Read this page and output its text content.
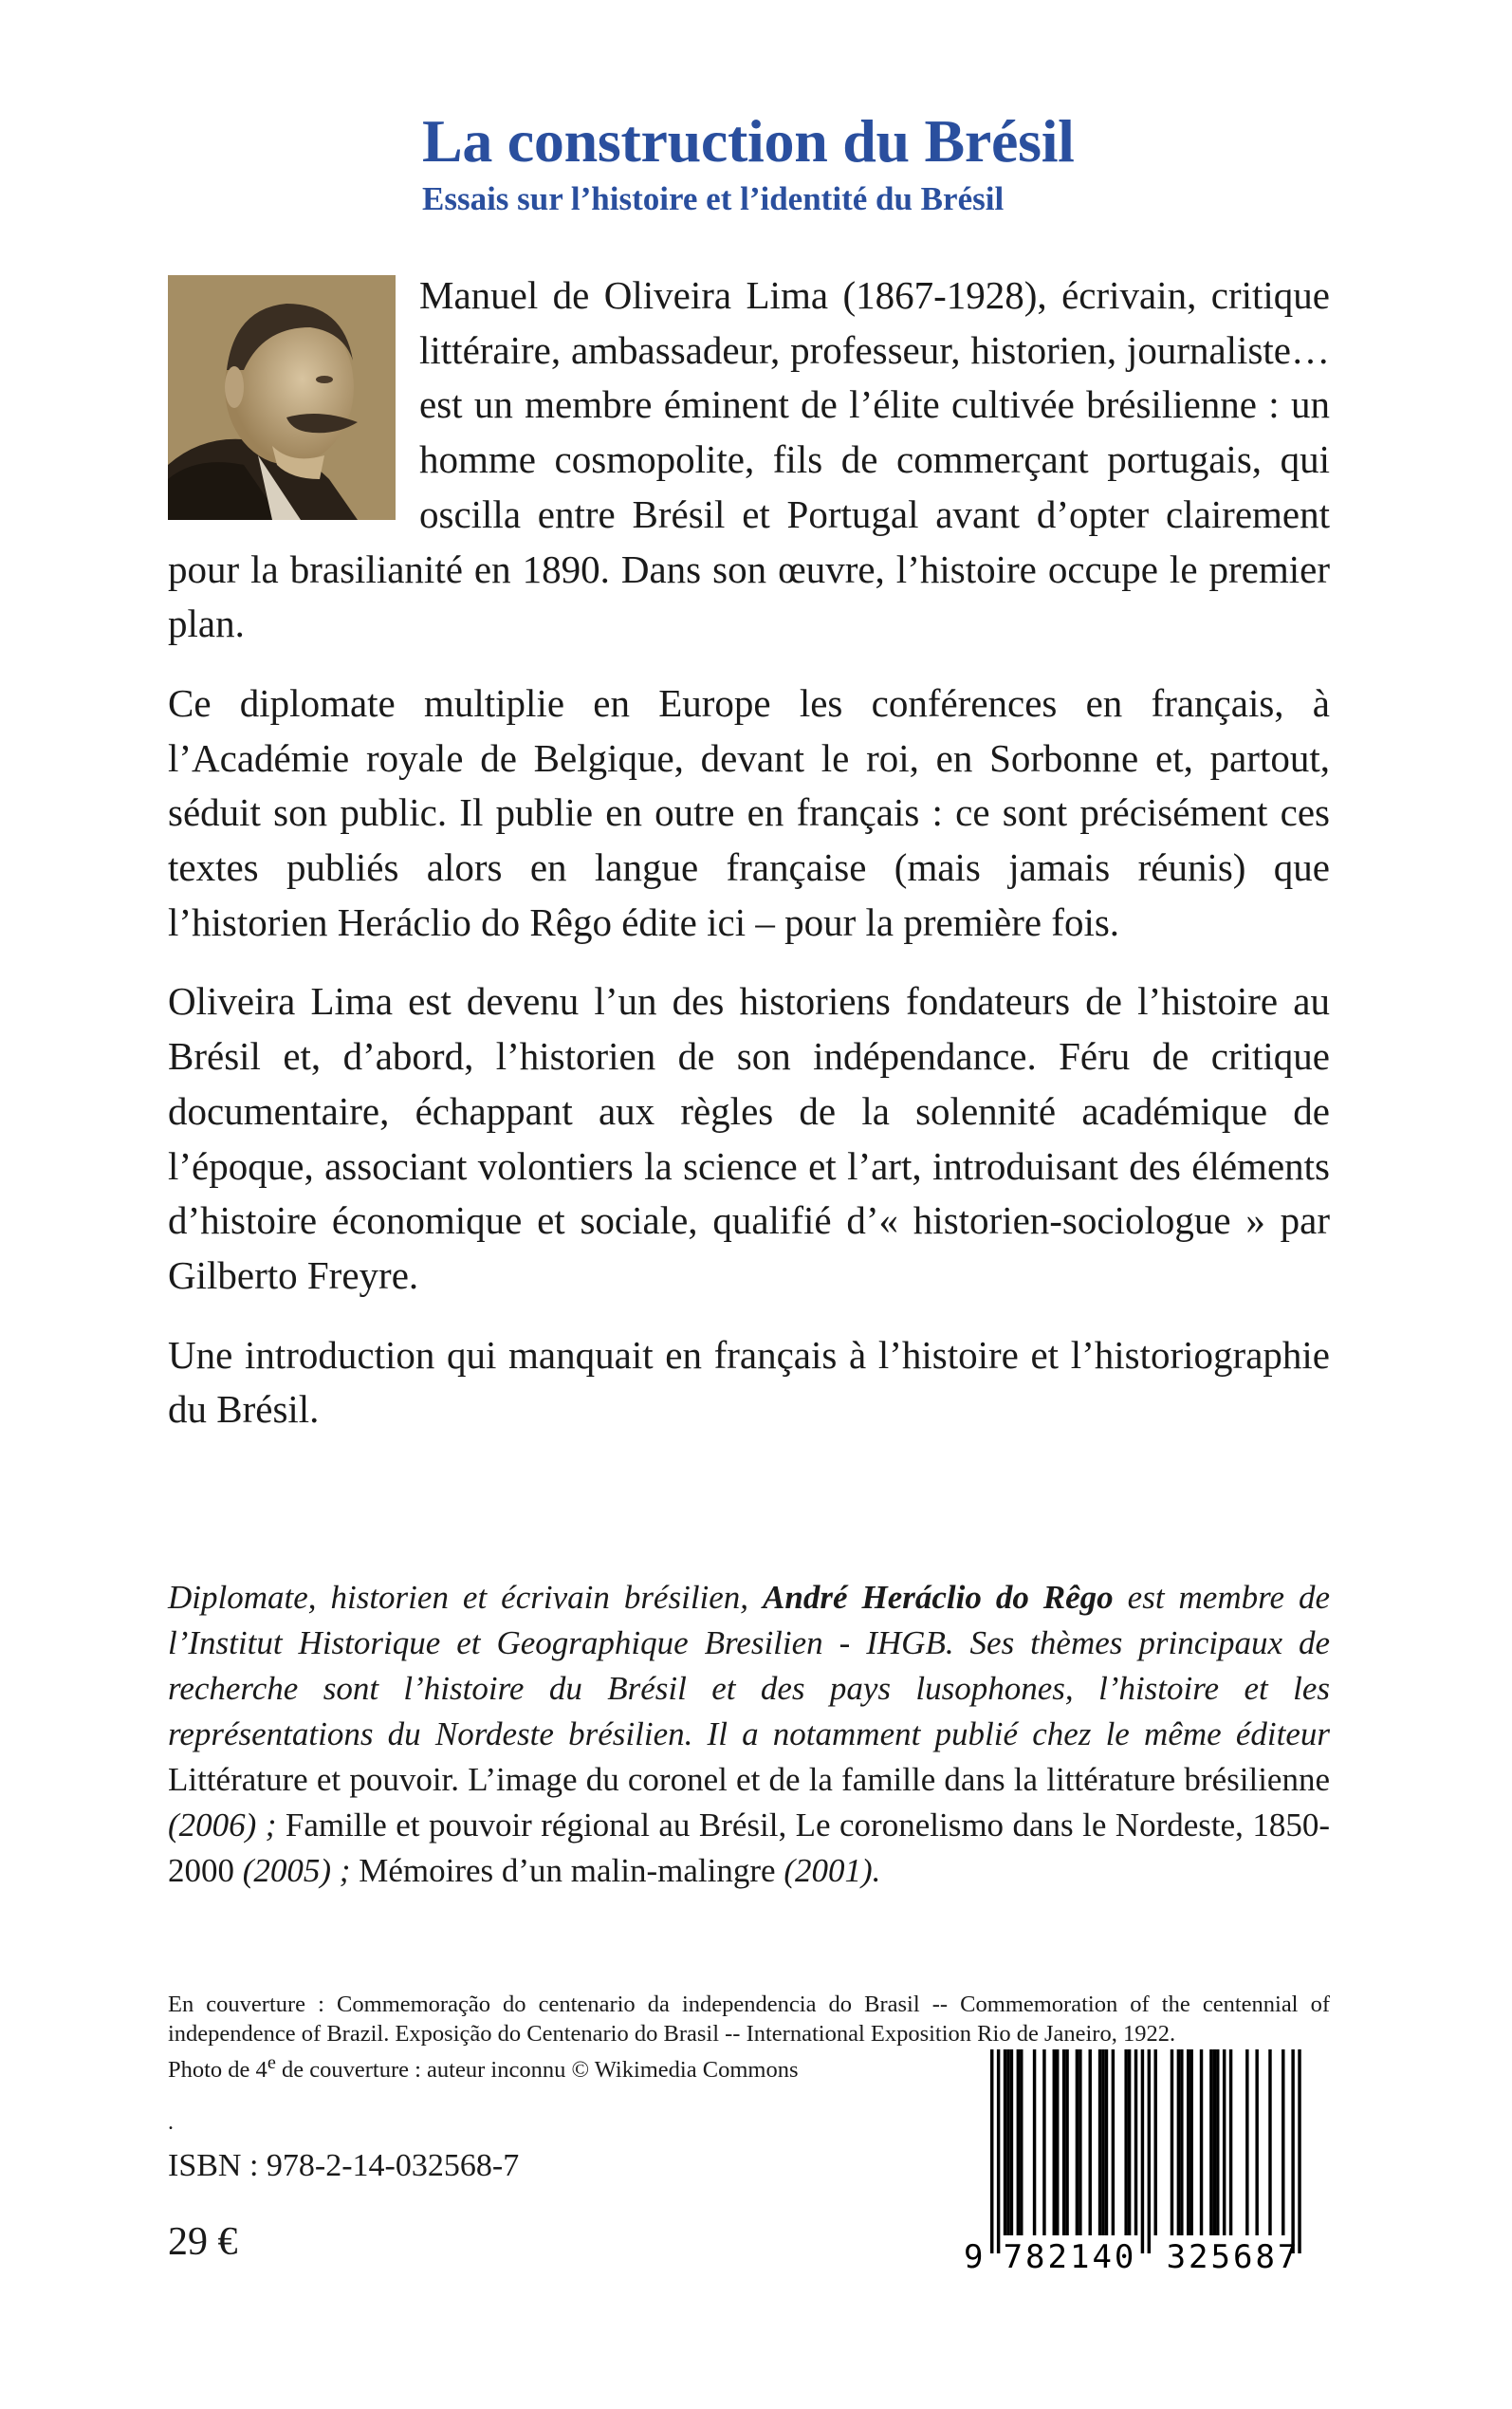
La construction du Brésil
Essais sur l’histoire et l’identité du Brésil

Manuel de Oliveira Lima (1867-1928), écrivain, critique littéraire, ambassadeur, professeur, historien, journaliste… est un membre éminent de l’élite cultivée brésilienne : un homme cosmopolite, fils de commerçant portugais, qui oscilla entre Brésil et Portugal avant d’opter clairement pour la brasilianité en 1890. Dans son œuvre, l’histoire occupe le premier plan.

Ce diplomate multiplie en Europe les conférences en français, à l’Académie royale de Belgique, devant le roi, en Sorbonne et, partout, séduit son public. Il publie en outre en français : ce sont précisément ces textes publiés alors en langue française (mais jamais réunis) que l’historien Heráclio do Rêgo édite ici – pour la première fois.

Oliveira Lima est devenu l’un des historiens fondateurs de l’histoire au Brésil et, d’abord, l’historien de son indépendance. Féru de critique documentaire, échappant aux règles de la solennité académique de l’époque, associant volontiers la science et l’art, introduisant des éléments d’histoire économique et sociale, qualifié d’« historien-sociologue » par Gilberto Freyre.

Une introduction qui manquait en français à l’histoire et l’historiographie du Brésil.

Diplomate, historien et écrivain brésilien, André Heráclio do Rêgo est membre de l’Institut Historique et Geographique Bresilien - IHGB. Ses thèmes principaux de recherche sont l’histoire du Brésil et des pays lusophones, l’histoire et les représentations du Nordeste brésilien. Il a notamment publié chez le même éditeur Littérature et pouvoir. L’image du coronel et de la famille dans la littérature brésilienne (2006) ; Famille et pouvoir régional au Brésil, Le coronelismo dans le Nordeste, 1850-2000 (2005) ; Mémoires d’un malin-malingre (2001).

En couverture : Commemoração do centenario da independencia do Brasil -- Commemoration of the centennial of independence of Brazil. Exposição do Centenario do Brasil -- International Exposition Rio de Janeiro, 1922.

Photo de 4e de couverture : auteur inconnu © Wikimedia Commons

.
ISBN : 978-2-14-032568-7
29 €	9 782140 325687
